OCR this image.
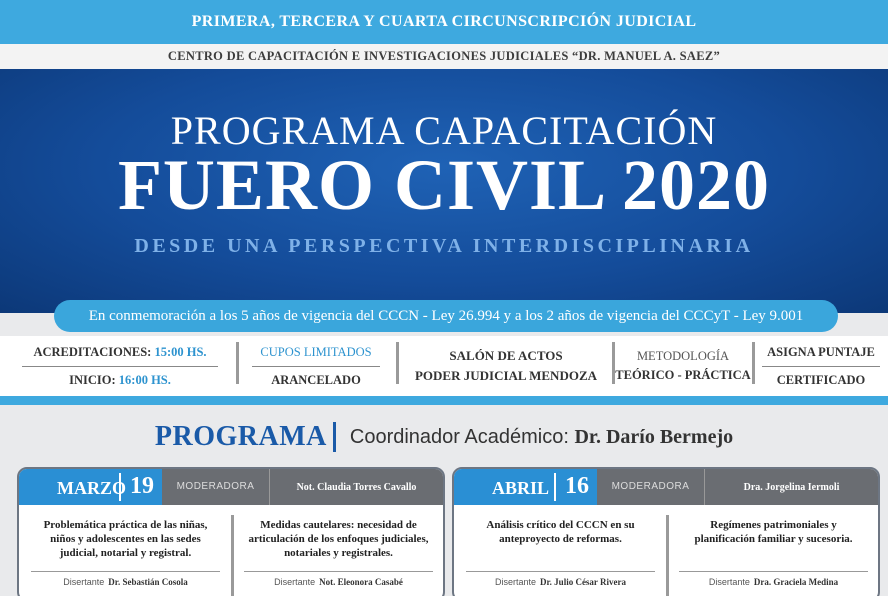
PRIMERA, TERCERA Y CUARTA CIRCUNSCRIPCIÓN JUDICIAL
CENTRO DE CAPACITACIÓN E INVESTIGACIONES JUDICIALES “DR. MANUEL A. SAEZ”
PROGRAMA CAPACITACIÓN
FUERO CIVIL 2020
DESDE UNA PERSPECTIVA INTERDISCIPLINARIA
En conmemoración a los 5 años de vigencia del CCCN - Ley 26.994 y a los 2 años de vigencia del CCCyT - Ley 9.001
ACREDITACIONES: 15:00 HS.
INICIO: 16:00 HS.
CUPOS LIMITADOS
ARANCELADO
SALÓN DE ACTOS
PODER JUDICIAL MENDOZA
METODOLOGÍA
TEÓRICO - PRÁCTICA
ASIGNA PUNTAJE
CERTIFICADO
PROGRAMA Coordinador Académico: Dr. Darío Bermejo
MARZO 19	MODERADORA	Not. Claudia Torres Cavallo
Problemática práctica de las niñas, niños y adolescentes en las sedes judicial, notarial y registral.
Disertante Dr. Sebastián Cosola
Medidas cautelares: necesidad de articulación de los enfoques judiciales, notariales y registrales.
Disertante Not. Eleonora Casabé
ABRIL 16	MODERADORA	Dra. Jorgelina Iermoli
Análisis crítico del CCCN en su anteproyecto de reformas.
Disertante Dr. Julio César Rivera
Regímenes patrimoniales y planificación familiar y sucesoria.
Disertante Dra. Graciela Medina
